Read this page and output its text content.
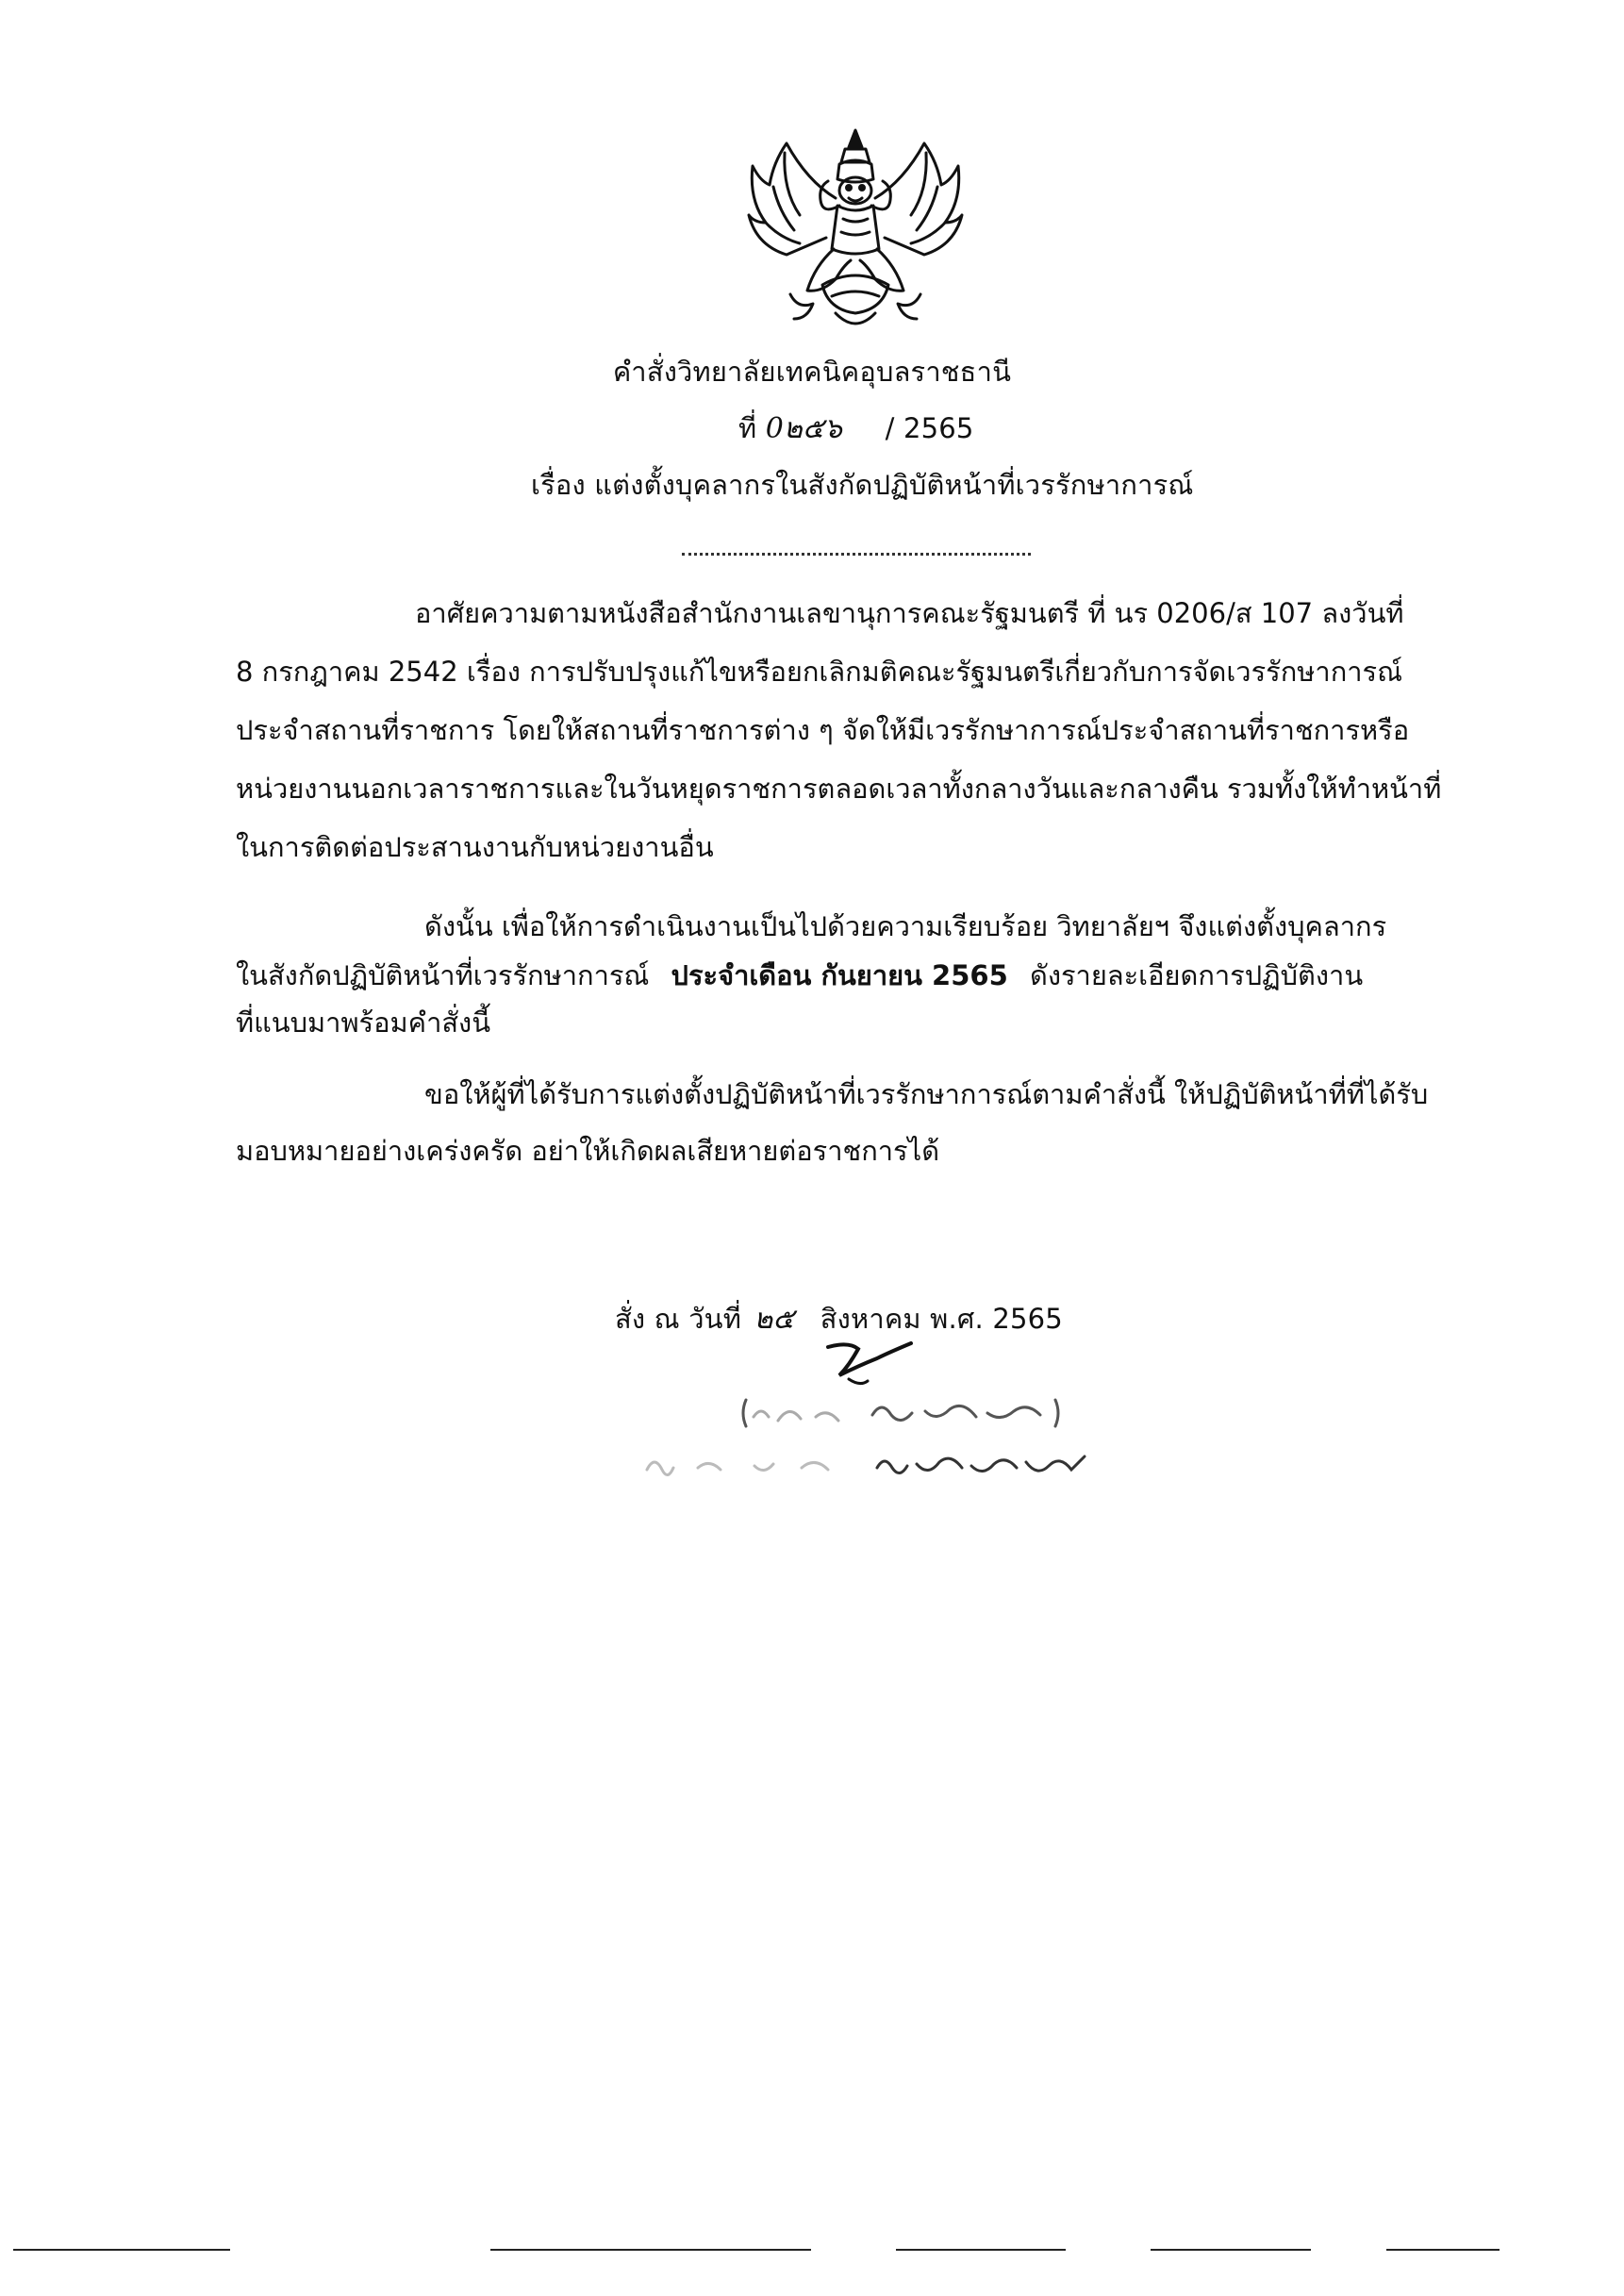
คำสั่งวิทยาลัยเทคนิคอุบลราชธานี
ที่ 0๒๕๖ / 2565
เรื่อง แต่งตั้งบุคลากรในสังกัดปฏิบัติหน้าที่เวรรักษาการณ์
อาศัยความตามหนังสือสำนักงานเลขานุการคณะรัฐมนตรี ที่ นร 0206/ส 107 ลงวันที่
8 กรกฎาคม 2542 เรื่อง การปรับปรุงแก้ไขหรือยกเลิกมติคณะรัฐมนตรีเกี่ยวกับการจัดเวรรักษาการณ์
ประจำสถานที่ราชการ โดยให้สถานที่ราชการต่าง ๆ จัดให้มีเวรรักษาการณ์ประจำสถานที่ราชการหรือ
หน่วยงานนอกเวลาราชการและในวันหยุดราชการตลอดเวลาทั้งกลางวันและกลางคืน รวมทั้งให้ทำหน้าที่
ในการติดต่อประสานงานกับหน่วยงานอื่น
ดังนั้น เพื่อให้การดำเนินงานเป็นไปด้วยความเรียบร้อย วิทยาลัยฯ จึงแต่งตั้งบุคลากร
ในสังกัดปฏิบัติหน้าที่เวรรักษาการณ์ ประจำเดือน กันยายน 2565 ดังรายละเอียดการปฏิบัติงาน
ที่แนบมาพร้อมคำสั่งนี้
ขอให้ผู้ที่ได้รับการแต่งตั้งปฏิบัติหน้าที่เวรรักษาการณ์ตามคำสั่งนี้ ให้ปฏิบัติหน้าที่ที่ได้รับ
มอบหมายอย่างเคร่งครัด อย่าให้เกิดผลเสียหายต่อราชการได้
สั่ง ณ วันที่ ๒๕ สิงหาคม พ.ศ. 2565
